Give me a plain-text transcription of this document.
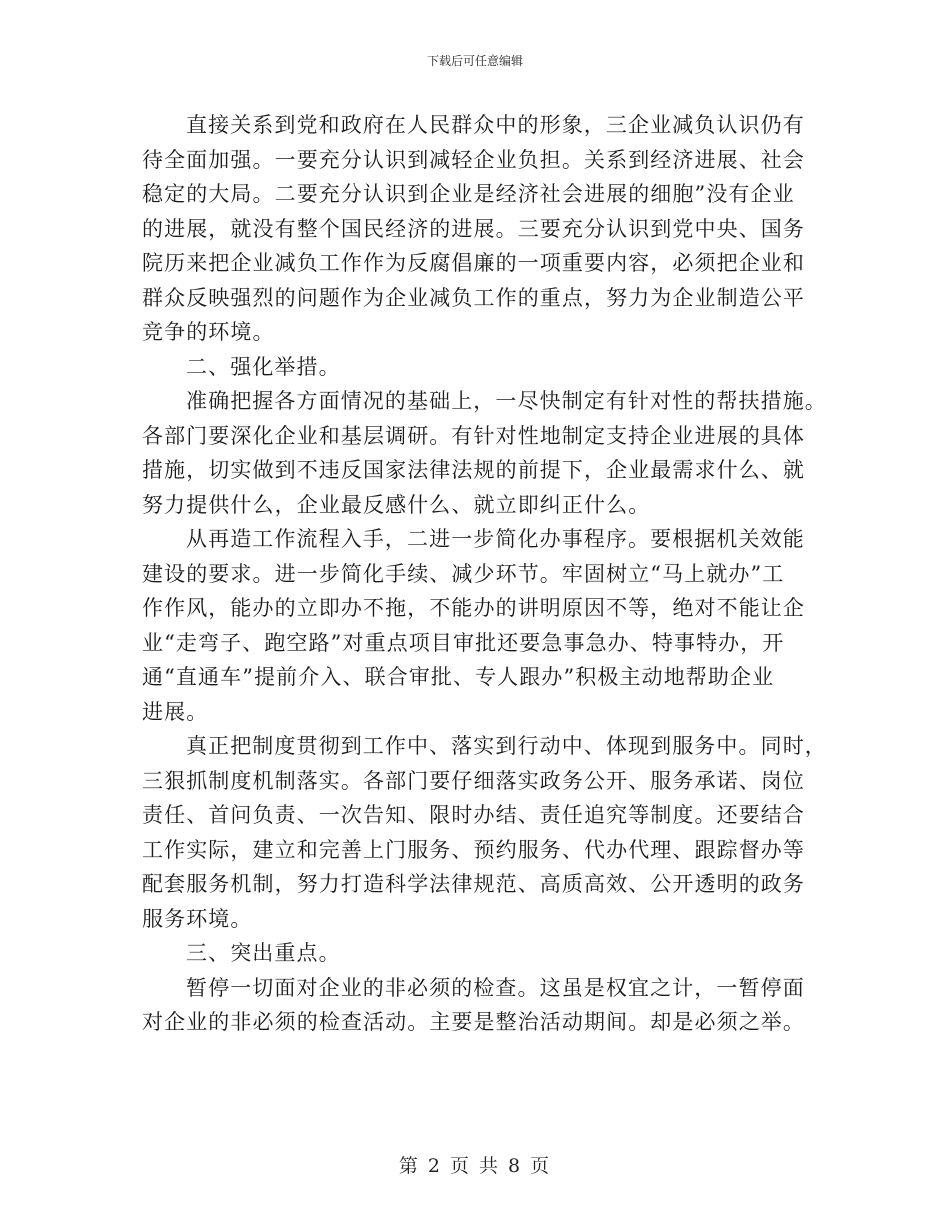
下载后可任意编辑
直接关系到党和政府在人民群众中的形象，三企业减负认识仍有
待全面加强。一要充分认识到减轻企业负担。关系到经济进展、社会
稳定的大局。二要充分认识到企业是经济社会进展的细胞”没有企业
的进展，就没有整个国民经济的进展。三要充分认识到党中央、国务
院历来把企业减负工作作为反腐倡廉的一项重要内容，必须把企业和
群众反映强烈的问题作为企业减负工作的重点，努力为企业制造公平
竞争的环境。
二、强化举措。
准确把握各方面情况的基础上，一尽快制定有针对性的帮扶措施。
各部门要深化企业和基层调研。有针对性地制定支持企业进展的具体
措施，切实做到不违反国家法律法规的前提下，企业最需求什么、就
努力提供什么，企业最反感什么、就立即纠正什么。
从再造工作流程入手，二进一步简化办事程序。要根据机关效能
建设的要求。进一步简化手续、减少环节。牢固树立“马上就办”工
作作风，能办的立即办不拖，不能办的讲明原因不等，绝对不能让企
业“走弯子、跑空路”对重点项目审批还要急事急办、特事特办，开
通“直通车”提前介入、联合审批、专人跟办”积极主动地帮助企业
进展。
真正把制度贯彻到工作中、落实到行动中、体现到服务中。同时，
三狠抓制度机制落实。各部门要仔细落实政务公开、服务承诺、岗位
责任、首问负责、一次告知、限时办结、责任追究等制度。还要结合
工作实际，建立和完善上门服务、预约服务、代办代理、跟踪督办等
配套服务机制，努力打造科学法律规范、高质高效、公开透明的政务
服务环境。
三、突出重点。
暂停一切面对企业的非必须的检查。这虽是权宜之计，一暂停面
对企业的非必须的检查活动。主要是整治活动期间。却是必须之举。
第 2 页 共 8 页
